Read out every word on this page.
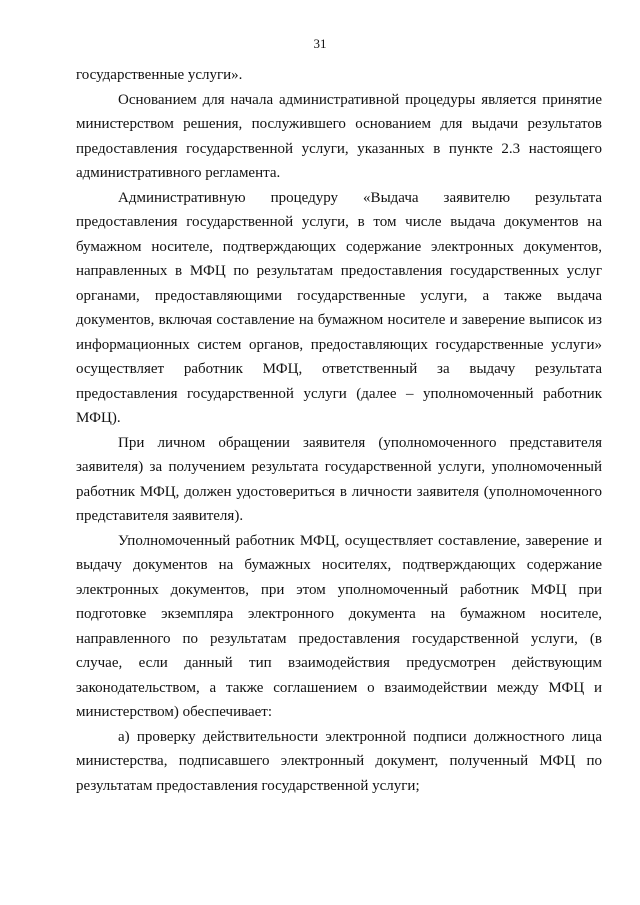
31

государственные услуги».

Основанием для начала административной процедуры является принятие министерством решения, послужившего основанием для выдачи результатов предоставления государственной услуги, указанных в пункте 2.3 настоящего административного регламента.

Административную процедуру «Выдача заявителю результата предоставления государственной услуги, в том числе выдача документов на бумажном носителе, подтверждающих содержание электронных документов, направленных в МФЦ по результатам предоставления государственных услуг органами, предоставляющими государственные услуги, а также выдача документов, включая составление на бумажном носителе и заверение выписок из информационных систем органов, предоставляющих государственные услуги» осуществляет работник МФЦ, ответственный за выдачу результата предоставления государственной услуги (далее – уполномоченный работник МФЦ).

При личном обращении заявителя (уполномоченного представителя заявителя) за получением результата государственной услуги, уполномоченный работник МФЦ, должен удостовериться в личности заявителя (уполномоченного представителя заявителя).

Уполномоченный работник МФЦ, осуществляет составление, заверение и выдачу документов на бумажных носителях, подтверждающих содержание электронных документов, при этом уполномоченный работник МФЦ при подготовке экземпляра электронного документа на бумажном носителе, направленного по результатам предоставления государственной услуги, (в случае, если данный тип взаимодействия предусмотрен действующим законодательством, а также соглашением о взаимодействии между МФЦ и министерством) обеспечивает:

а) проверку действительности электронной подписи должностного лица министерства, подписавшего электронный документ, полученный МФЦ по результатам предоставления государственной услуги;
